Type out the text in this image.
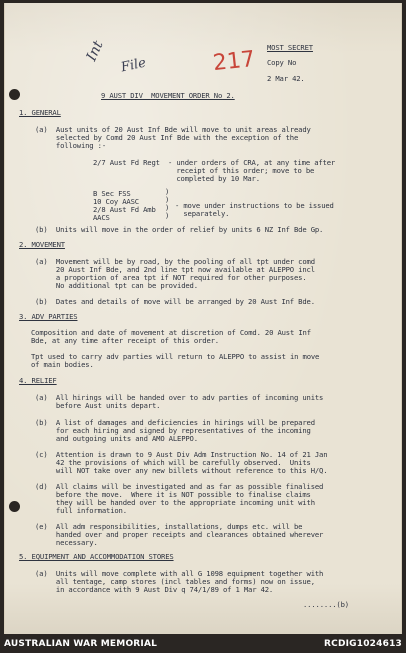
MOST SECRET
Copy No
2 Mar 42.
Int
File	217
9 AUST DIV  MOVEMENT ORDER No 2.
1. GENERAL
(a)  Aust units of 20 Aust Inf Bde will move to unit areas already
selected by Comd 20 Aust Inf Bde with the exception of the
following :-
2/7 Aust Fd Regt - under orders of CRA, at any time after
receipt of this order; move to be
completed by 10 Mar.
B Sec FSS
10 Coy AASC
2/8 Aust Fd Amb
AACS
)
)
)
)
- move under instructions to be issued
separately.
(b)  Units will move in the order of relief by units 6 NZ Inf Bde Gp.
2. MOVEMENT
(a)  Movement will be by road, by the pooling of all tpt under comd
20 Aust Inf Bde, and 2nd line tpt now available at ALEPPO incl
a proportion of area tpt if NOT required for other purposes.
No additional tpt can be provided.
(b)  Dates and details of move will be arranged by 20 Aust Inf Bde.
3. ADV PARTIES
Composition and date of movement at discretion of Comd. 20 Aust Inf
Bde, at any time after receipt of this order.
Tpt used to carry adv parties will return to ALEPPO to assist in move
of main bodies.
4. RELIEF
(a)  All hirings will be handed over to adv parties of incoming units
before Aust units depart.
(b)  A list of damages and deficiencies in hirings will be prepared
for each hiring and signed by representatives of the incoming
and outgoing units and AMO ALEPPO.
(c)  Attention is drawn to 9 Aust Div Adm Instruction No. 14 of 21 Jan
42 the provisions of which will be carefully observed.  Units
will NOT take over any new billets without reference to this H/Q.
(d)  All claims will be investigated and as far as possible finalised
before the move.  Where it is NOT possible to finalise claims
they will be handed over to the appropriate incoming unit with
full information.
(e)  All adm responsibilities, installations, dumps etc. will be
handed over and proper receipts and clearances obtained wherever
necessary.
5. EQUIPMENT AND ACCOMMODATION STORES
(a)  Units will move complete with all G 1098 equipment together with
all tentage, camp stores (incl tables and forms) now on issue,
in accordance with 9 Aust Div q 74/1/89 of 1 Mar 42.
........(b)
AUSTRALIAN WAR MEMORIAL	RCDIG1024613
